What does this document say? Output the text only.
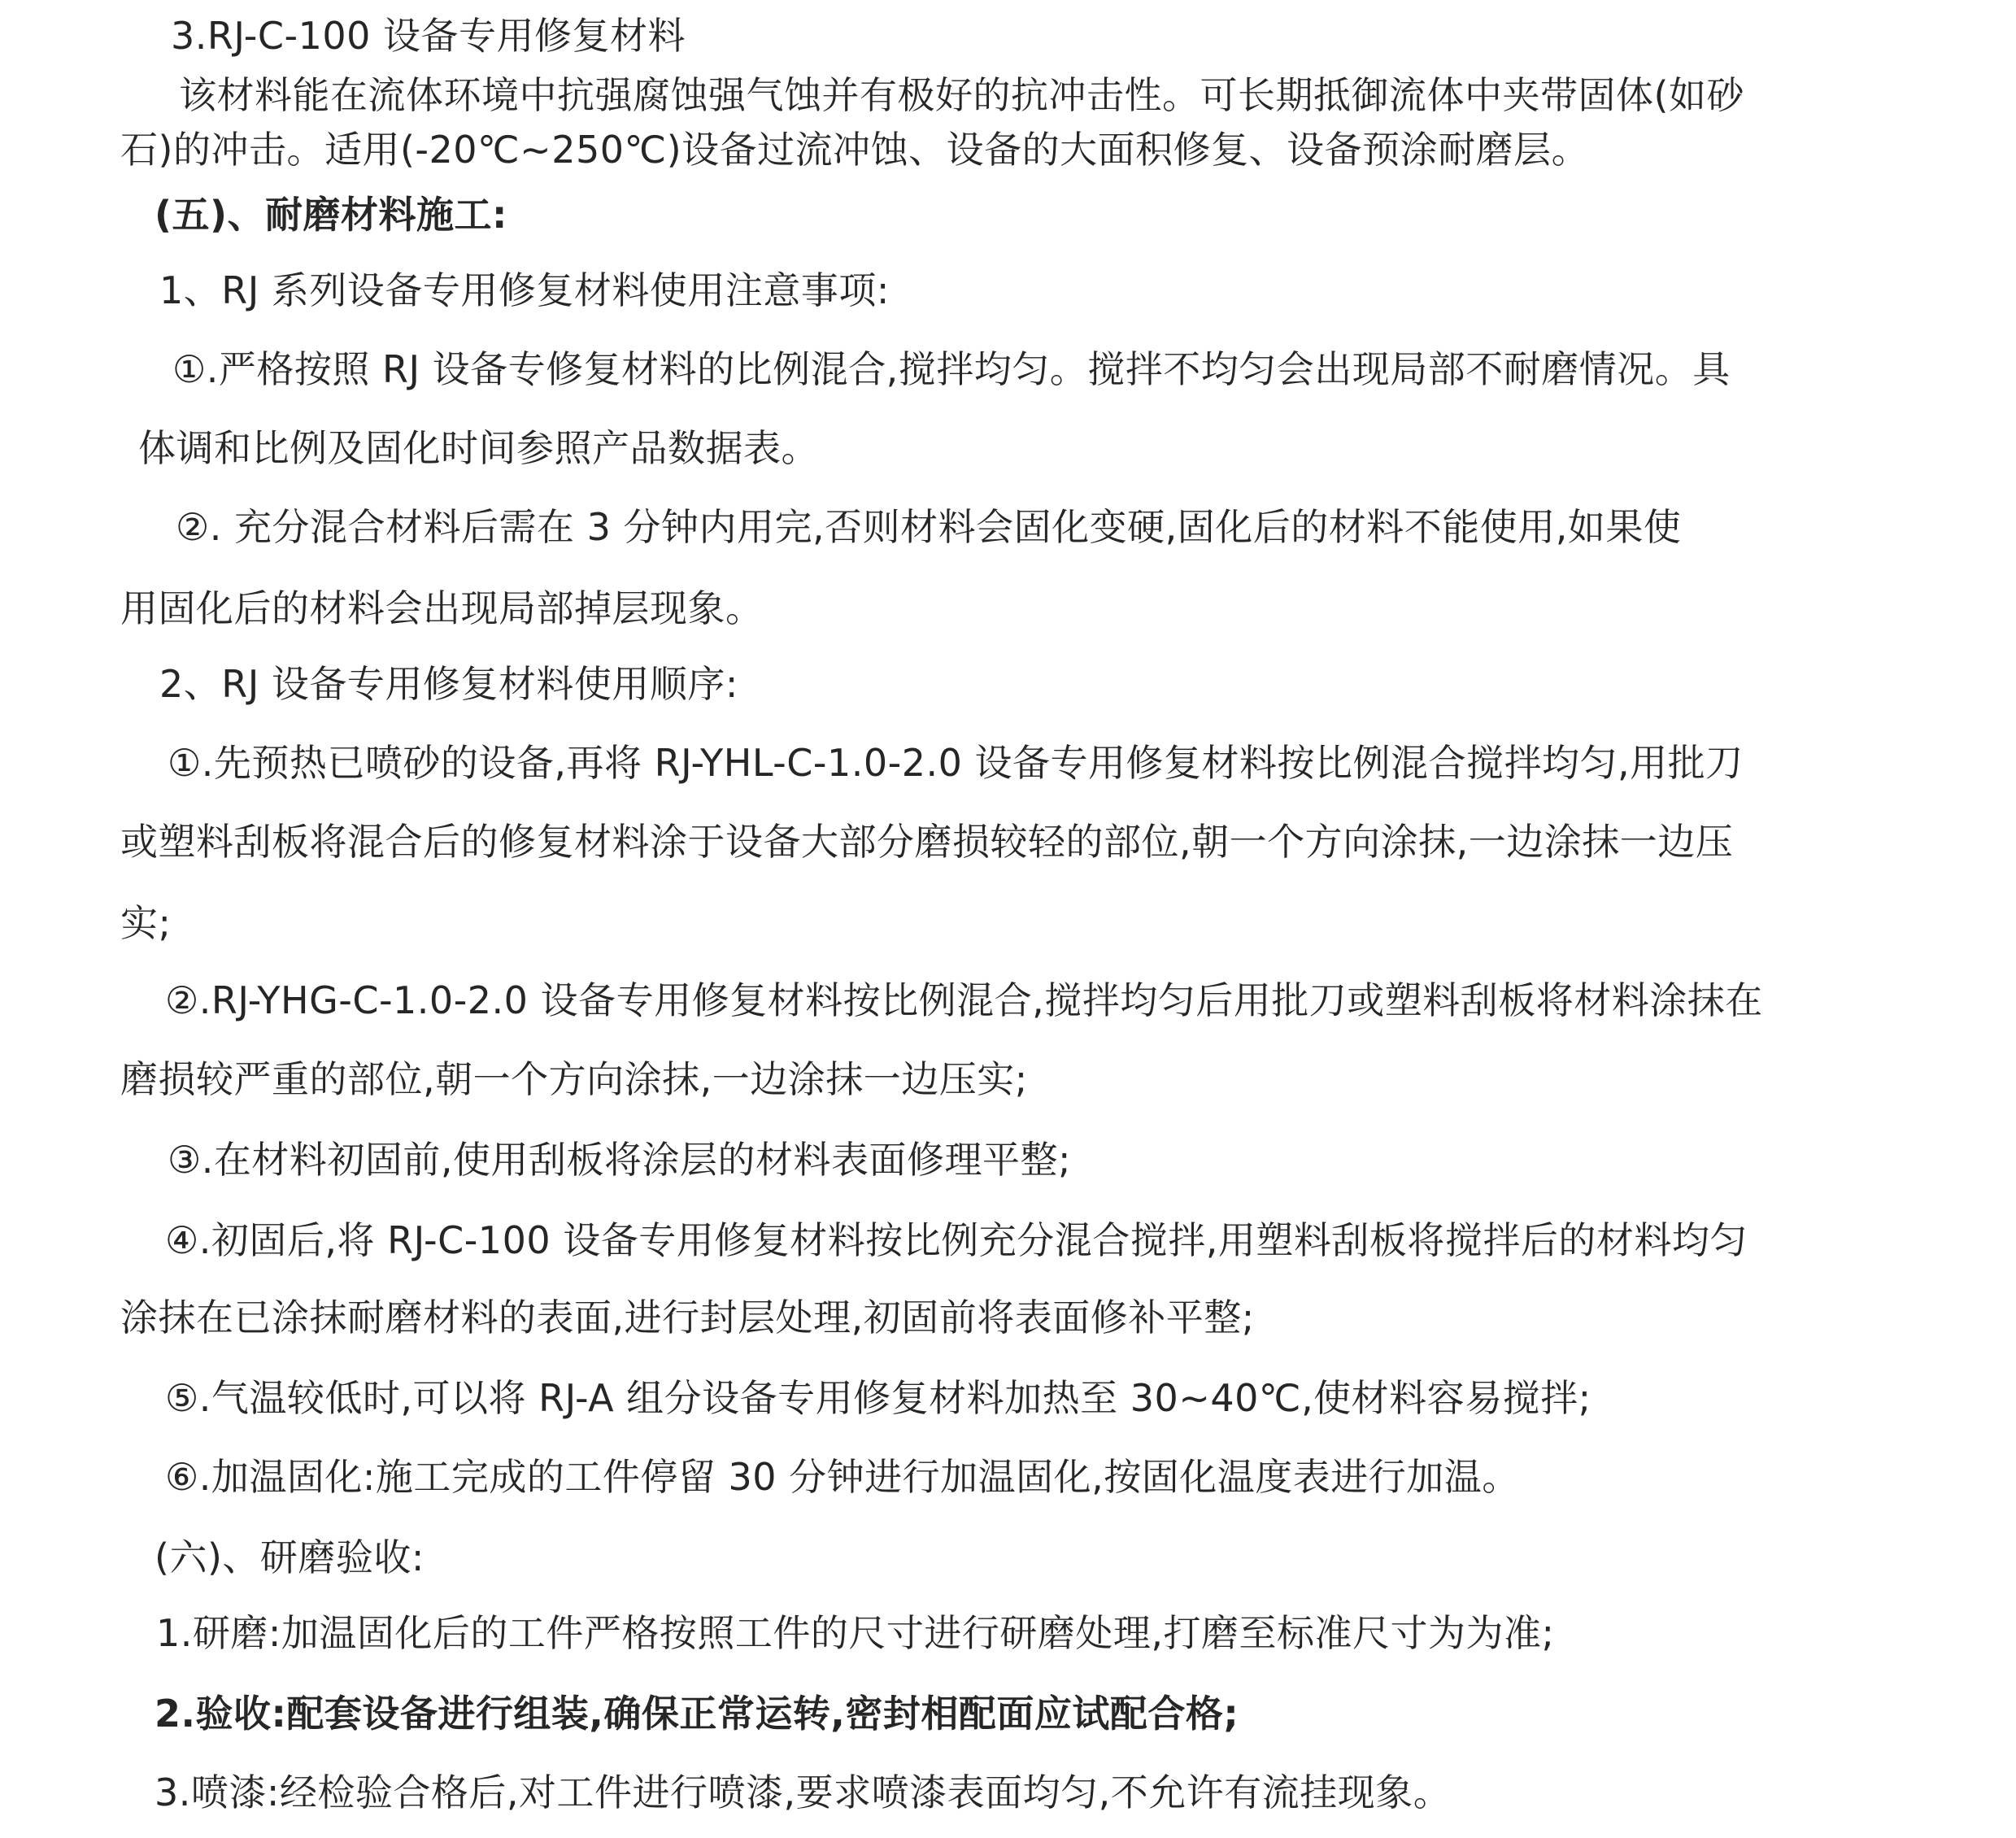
3.RJ-C-100 设备专用修复材料
该材料能在流体环境中抗强腐蚀强气蚀并有极好的抗冲击性。可长期抵御流体中夹带固体(如砂
石)的冲击。适用(-20℃~250℃)设备过流冲蚀、设备的大面积修复、设备预涂耐磨层。
(五)、耐磨材料施工:
1、RJ 系列设备专用修复材料使用注意事项:
①.严格按照 RJ 设备专修复材料的比例混合,搅拌均匀。搅拌不均匀会出现局部不耐磨情况。具
体调和比例及固化时间参照产品数据表。
②. 充分混合材料后需在 3 分钟内用完,否则材料会固化变硬,固化后的材料不能使用,如果使
用固化后的材料会出现局部掉层现象。
2、RJ 设备专用修复材料使用顺序:
①.先预热已喷砂的设备,再将 RJ-YHL-C-1.0-2.0 设备专用修复材料按比例混合搅拌均匀,用批刀
或塑料刮板将混合后的修复材料涂于设备大部分磨损较轻的部位,朝一个方向涂抹,一边涂抹一边压
实;
②.RJ-YHG-C-1.0-2.0 设备专用修复材料按比例混合,搅拌均匀后用批刀或塑料刮板将材料涂抹在
磨损较严重的部位,朝一个方向涂抹,一边涂抹一边压实;
③.在材料初固前,使用刮板将涂层的材料表面修理平整;
④.初固后,将 RJ-C-100 设备专用修复材料按比例充分混合搅拌,用塑料刮板将搅拌后的材料均匀
涂抹在已涂抹耐磨材料的表面,进行封层处理,初固前将表面修补平整;
⑤.气温较低时,可以将 RJ-A 组分设备专用修复材料加热至 30~40℃,使材料容易搅拌;
⑥.加温固化:施工完成的工件停留 30 分钟进行加温固化,按固化温度表进行加温。
(六)、研磨验收:
1.研磨:加温固化后的工件严格按照工件的尺寸进行研磨处理,打磨至标准尺寸为为准;
2.验收:配套设备进行组装,确保正常运转,密封相配面应试配合格;
3.喷漆:经检验合格后,对工件进行喷漆,要求喷漆表面均匀,不允许有流挂现象。
